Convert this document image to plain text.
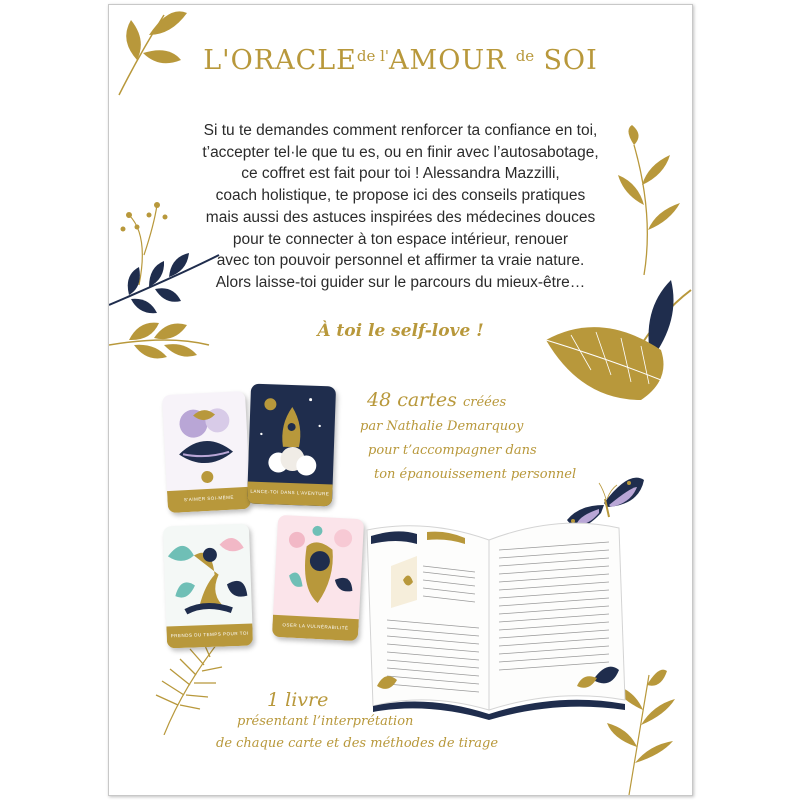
$L'ORACLE^{de l'}AMOUR$ $^{de}$ SOI
Si tu te demandes comment renforcer ta confiance en toi,
t’accepter tel·le que tu es, ou en finir avec l’autosabotage,
ce coffret est fait pour toi ! Alessandra Mazzilli,
coach holistique, te propose ici des conseils pratiques
mais aussi des astuces inspirées des médecines douces
pour te connecter à ton espace intérieur, renouer
avec ton pouvoir personnel et affirmer ta vraie nature.
Alors laisse-toi guider sur le parcours du mieux-être…
À toi le self-love !
48 cartes créées
par Nathalie Demarquoy
pour t’accompagner dans
ton épanouissement personnel
S'AIMER SOI-MÊME
LANCE-TOI DANS L'AVENTURE
PRENDS DU TEMPS POUR TOI
OSER LA VULNÉRABILITÉ
1 livre
présentant l’interprétation
de chaque carte et des méthodes de tirage
